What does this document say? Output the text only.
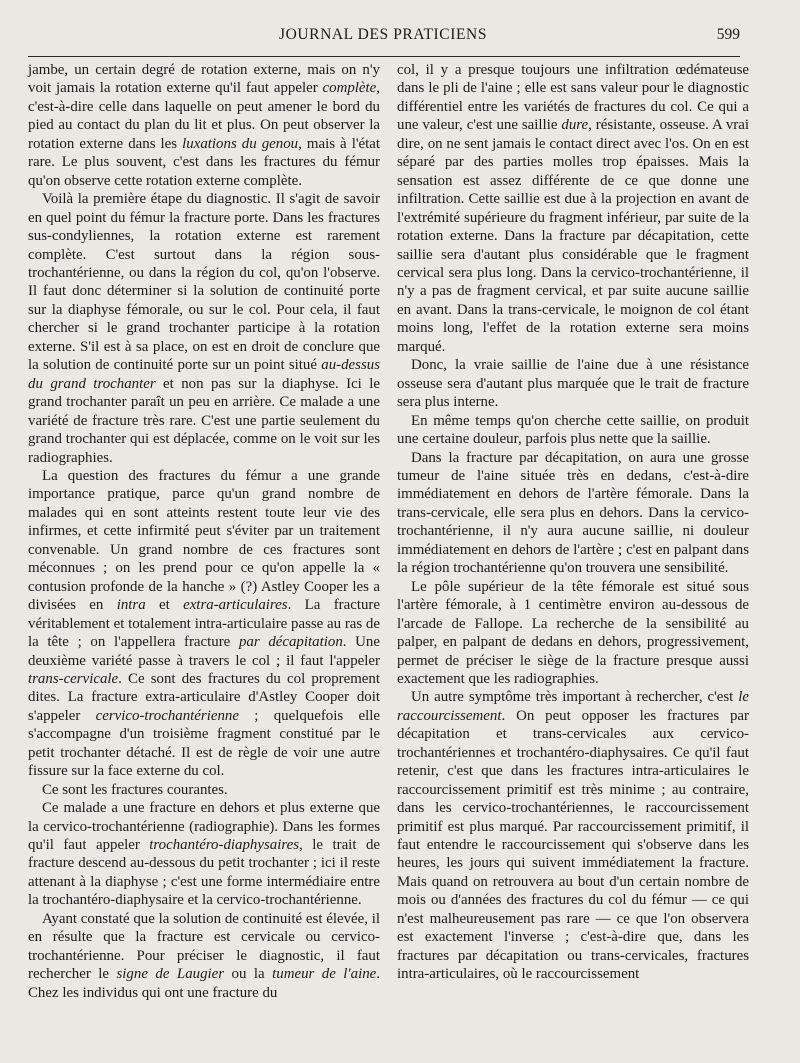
JOURNAL DES PRATICIENS	599

jambe, un certain degré de rotation externe, mais on n'y voit jamais la rotation externe qu'il faut appeler complète, c'est-à-dire celle dans laquelle on peut amener le bord du pied au contact du plan du lit et plus. On peut observer la rotation externe dans les luxations du genou, mais à l'état rare. Le plus souvent, c'est dans les fractures du fémur qu'on observe cette rotation externe complète.

Voilà la première étape du diagnostic. Il s'agit de savoir en quel point du fémur la fracture porte. Dans les fractures sus-condyliennes, la rotation externe est rarement complète. C'est surtout dans la région sous-trochantérienne, ou dans la région du col, qu'on l'observe. Il faut donc déterminer si la solution de continuité porte sur la diaphyse fémorale, ou sur le col. Pour cela, il faut chercher si le grand trochanter participe à la rotation externe. S'il est à sa place, on est en droit de conclure que la solution de continuité porte sur un point situé au-dessus du grand trochanter et non pas sur la diaphyse. Ici le grand trochanter paraît un peu en arrière. Ce malade a une variété de fracture très rare. C'est une partie seulement du grand trochanter qui est déplacée, comme on le voit sur les radiographies.

La question des fractures du fémur a une grande importance pratique, parce qu'un grand nombre de malades qui en sont atteints restent toute leur vie des infirmes, et cette infirmité peut s'éviter par un traitement convenable. Un grand nombre de ces fractures sont méconnues ; on les prend pour ce qu'on appelle la « contusion profonde de la hanche » (?) Astley Cooper les a divisées en intra et extra-articulaires. La fracture véritablement et totalement intra-articulaire passe au ras de la tête ; on l'appellera fracture par décapitation. Une deuxième variété passe à travers le col ; il faut l'appeler trans-cervicale. Ce sont des fractures du col proprement dites. La fracture extra-articulaire d'Astley Cooper doit s'appeler cervico-trochantérienne ; quelquefois elle s'accompagne d'un troisième fragment constitué par le petit trochanter détaché. Il est de règle de voir une autre fissure sur la face externe du col.

Ce sont les fractures courantes.

Ce malade a une fracture en dehors et plus externe que la cervico-trochantérienne (radiographie). Dans les formes qu'il faut appeler trochantéro-diaphysaires, le trait de fracture descend au-dessous du petit trochanter ; ici il reste attenant à la diaphyse ; c'est une forme intermédiaire entre la trochantéro-diaphysaire et la cervico-trochantérienne.

Ayant constaté que la solution de continuité est élevée, il en résulte que la fracture est cervicale ou cervico-trochantérienne. Pour préciser le diagnostic, il faut rechercher le signe de Laugier ou la tumeur de l'aine. Chez les individus qui ont une fracture du

col, il y a presque toujours une infiltration œdémateuse dans le pli de l'aine ; elle est sans valeur pour le diagnostic différentiel entre les variétés de fractures du col. Ce qui a une valeur, c'est une saillie dure, résistante, osseuse. A vrai dire, on ne sent jamais le contact direct avec l'os. On en est séparé par des parties molles trop épaisses. Mais la sensation est assez différente de ce que donne une infiltration. Cette saillie est due à la projection en avant de l'extrémité supérieure du fragment inférieur, par suite de la rotation externe. Dans la fracture par décapitation, cette saillie sera d'autant plus considérable que le fragment cervical sera plus long. Dans la cervico-trochantérienne, il n'y a pas de fragment cervical, et par suite aucune saillie en avant. Dans la trans-cervicale, le moignon de col étant moins long, l'effet de la rotation externe sera moins marqué.

Donc, la vraie saillie de l'aine due à une résistance osseuse sera d'autant plus marquée que le trait de fracture sera plus interne.

En même temps qu'on cherche cette saillie, on produit une certaine douleur, parfois plus nette que la saillie.

Dans la fracture par décapitation, on aura une grosse tumeur de l'aine située très en dedans, c'est-à-dire immédiatement en dehors de l'artère fémorale. Dans la trans-cervicale, elle sera plus en dehors. Dans la cervico-trochantérienne, il n'y aura aucune saillie, ni douleur immédiatement en dehors de l'artère ; c'est en palpant dans la région trochantérienne qu'on trouvera une sensibilité.

Le pôle supérieur de la tête fémorale est situé sous l'artère fémorale, à 1 centimètre environ au-dessous de l'arcade de Fallope. La recherche de la sensibilité au palper, en palpant de dedans en dehors, progressivement, permet de préciser le siège de la fracture presque aussi exactement que les radiographies.

Un autre symptôme très important à rechercher, c'est le raccourcissement. On peut opposer les fractures par décapitation et trans-cervicales aux cervico-trochantériennes et trochantéro-diaphysaires. Ce qu'il faut retenir, c'est que dans les fractures intra-articulaires le raccourcissement primitif est très minime ; au contraire, dans les cervico-trochantériennes, le raccourcissement primitif est plus marqué. Par raccourcissement primitif, il faut entendre le raccourcissement qui s'observe dans les heures, les jours qui suivent immédiatement la fracture. Mais quand on retrouvera au bout d'un certain nombre de mois ou d'années des fractures du col du fémur — ce qui n'est malheureusement pas rare — ce que l'on observera est exactement l'inverse ; c'est-à-dire que, dans les fractures par décapitation ou trans-cervicales, fractures intra-articulaires, où le raccourcissement
